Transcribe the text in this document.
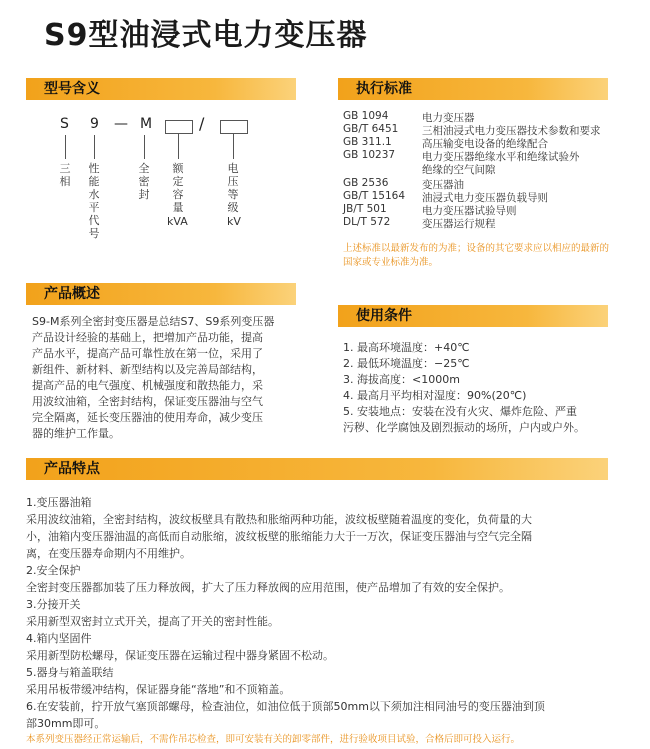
S9型油浸式电力变压器
型号含义
S 9 — M	/
三相
性能水平代号
全密封
额定容量
kVA
电压等级
kV
执行标准
GB 1094	电力变压器
GB/T 6451 三相油浸式电力变压器技术参数和要求
GB 311.1	高压输变电设备的绝缘配合
GB 10237	电力变压器绝缘水平和绝缘试验外
绝缘的空气间隙
GB 2536	变压器油
GB/T 15164 油浸式电力变压器负载导则
JB/T 501	电力变压器试验导则
DL/T 572	变压器运行规程
上述标准以最新发布的为准；设备的其它要求应以相应的最新的
国家或专业标准为准。
产品概述
S9-M系列全密封变压器是总结S7、S9系列变压器
产品设计经验的基础上，把增加产品功能，提高
产品水平，提高产品可靠性放在第一位，采用了
新组件、新材料、新型结构以及完善局部结构，
提高产品的电气强度、机械强度和散热能力，采
用波纹油箱，全密封结构，保证变压器油与空气
完全隔离，延长变压器油的使用寿命，减少变压
器的维护工作量。
使用条件
1. 最高环境温度：+40℃
2. 最低环境温度：−25℃
3. 海拔高度：<1000m
4. 最高月平均相对湿度：90%(20℃)
5. 安装地点：安装在没有火灾、爆炸危险、严重
污秽、化学腐蚀及剧烈振动的场所，户内或户外。
产品特点
1.变压器油箱
采用波纹油箱，全密封结构，波纹板壁具有散热和胀缩两种功能，波纹板壁随着温度的变化，负荷量的大
小，油箱内变压器油温的高低而自动胀缩，波纹板壁的胀缩能力大于一万次，保证变压器油与空气完全隔
离，在变压器寿命期内不用维护。
2.安全保护
全密封变压器都加装了压力释放阀，扩大了压力释放阀的应用范围，使产品增加了有效的安全保护。
3.分接开关
采用新型双密封立式开关，提高了开关的密封性能。
4.箱内坚固件
采用新型防松螺母，保证变压器在运输过程中器身紧固不松动。
5.器身与箱盖联结
采用吊板带缓冲结构，保证器身能“落地”和不顶箱盖。
6.在安装前，拧开放气塞顶部螺母，检查油位，如油位低于顶部50mm以下须加注相同油号的变压器油到顶
部30mm即可。
本系列变压器经正常运输后，不需作吊芯检查，即可安装有关的卸零部件，进行验收项目试验，合格后即可投入运行。
